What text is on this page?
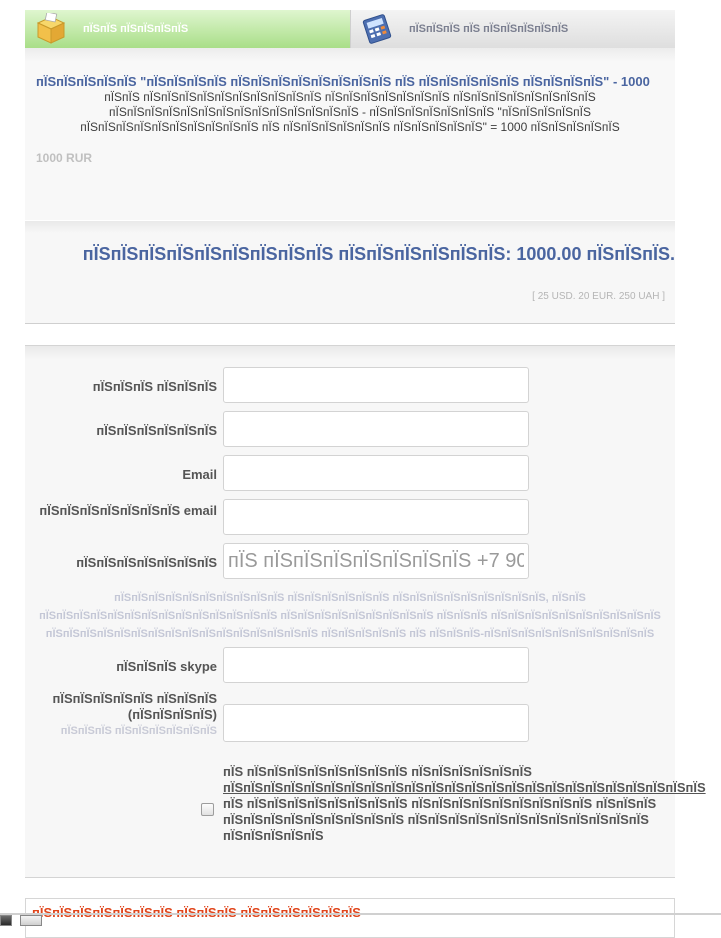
пЇЅпЇЅ пЇЅпЇЅпЇЅпЇЅ	пЇЅпЇЅпЇЅ пЇЅ пЇЅпЇЅпЇЅпЇЅпЇЅ
пЇЅпЇЅпЇЅпЇЅпЇЅ "пЇЅпЇЅпЇЅпЇЅ пЇЅпЇЅпЇЅпЇЅпЇЅпЇЅпЇЅпЇЅ пЇЅ пЇЅпЇЅпЇЅпЇЅпЇЅ пЇЅпЇЅпЇЅпЇЅ" - 1000
пЇЅпЇЅ пЇЅпЇЅпЇЅпЇЅпЇЅпЇЅпЇЅпЇЅпЇЅпЇЅ пЇЅпЇЅпЇЅпЇЅпЇЅпЇЅпЇЅ пЇЅпЇЅпЇЅпЇЅпЇЅпЇЅпЇЅпЇЅ пЇЅпЇЅпЇЅпЇЅпЇЅпЇЅпЇЅпЇЅпЇЅпЇЅпЇЅпЇЅпЇЅпЇЅ - пЇЅпЇЅпЇЅпЇЅпЇЅпЇЅпЇЅ "пЇЅпЇЅпЇЅпЇЅпЇЅ пЇЅпЇЅпЇЅпЇЅпЇЅпЇЅпЇЅпЇЅпЇЅпЇЅ пЇЅ пЇЅпЇЅпЇЅпЇЅпЇЅпЇЅ пЇЅпЇЅпЇЅпЇЅпЇЅ" = 1000 пЇЅпЇЅпЇЅпЇЅпЇЅ
1000 RUR
пЇЅпЇЅпЇЅпЇЅпЇЅпЇЅпЇЅпЇЅпЇЅ пЇЅпЇЅпЇЅпЇЅпЇЅпЇЅ: 1000.00 пЇЅпЇЅпЇЅ.
[ 25 USD. 20 EUR. 250 UAH ]
пЇЅпЇЅпЇЅ пЇЅпЇЅпЇЅ
пЇЅпЇЅпЇЅпЇЅпЇЅпЇЅ
Email
пЇЅпЇЅпЇЅпЇЅпЇЅпЇЅпЇЅ email
пЇЅпЇЅпЇЅпЇЅпЇЅпЇЅпЇЅ
пЇЅ пЇЅпЇЅпЇЅпЇЅпЇЅпЇЅпЇЅ +7 900
пЇЅпЇЅпЇЅпЇЅпЇЅпЇЅпЇЅпЇЅпЇЅпЇЅ пЇЅпЇЅпЇЅпЇЅпЇЅпЇЅ пЇЅпЇЅпЇЅпЇЅпЇЅпЇЅпЇЅпЇЅпЇЅ, пЇЅпЇЅ пЇЅпЇЅпЇЅпЇЅпЇЅпЇЅпЇЅпЇЅпЇЅпЇЅпЇЅпЇЅпЇЅпЇЅ пЇЅпЇЅпЇЅпЇЅпЇЅпЇЅпЇЅпЇЅпЇЅ пЇЅпЇЅпЇЅ пЇЅпЇЅпЇЅпЇЅпЇЅпЇЅпЇЅпЇЅпЇЅпЇЅ пЇЅпЇЅпЇЅпЇЅпЇЅпЇЅпЇЅпЇЅпЇЅпЇЅпЇЅпЇЅпЇЅпЇЅпЇЅпЇЅ пЇЅпЇЅпЇЅпЇЅпЇЅ пЇЅ пЇЅпЇЅпЇЅ-пЇЅпЇЅпЇЅпЇЅпЇЅпЇЅпЇЅпЇЅпЇЅпЇЅ
пЇЅпЇЅпЇЅ skype
пЇЅпЇЅпЇЅпЇЅпЇЅ пЇЅпЇЅпЇЅ (пЇЅпЇЅпЇЅпЇЅ)
пЇЅпЇЅпЇЅ пЇЅпЇЅпЇЅпЇЅпЇЅпЇЅ
пЇЅ пЇЅпЇЅпЇЅпЇЅпЇЅпЇЅпЇЅпЇЅ пЇЅпЇЅпЇЅпЇЅпЇЅпЇЅ
пЇЅпЇЅпЇЅпЇЅпЇЅпЇЅпЇЅпЇЅпЇЅпЇЅпЇЅпЇЅпЇЅпЇЅпЇЅпЇЅпЇЅпЇЅпЇЅпЇЅпЇЅпЇЅпЇЅпЇЅ
пЇЅ пЇЅпЇЅпЇЅпЇЅпЇЅпЇЅпЇЅпЇЅ пЇЅпЇЅпЇЅпЇЅпЇЅпЇЅпЇЅпЇЅпЇЅ пЇЅпЇЅпЇЅ пЇЅпЇЅпЇЅпЇЅпЇЅпЇЅпЇЅпЇЅпЇЅ пЇЅпЇЅпЇЅпЇЅпЇЅпЇЅпЇЅпЇЅпЇЅпЇЅпЇЅпЇЅ пЇЅпЇЅпЇЅпЇЅпЇЅ
